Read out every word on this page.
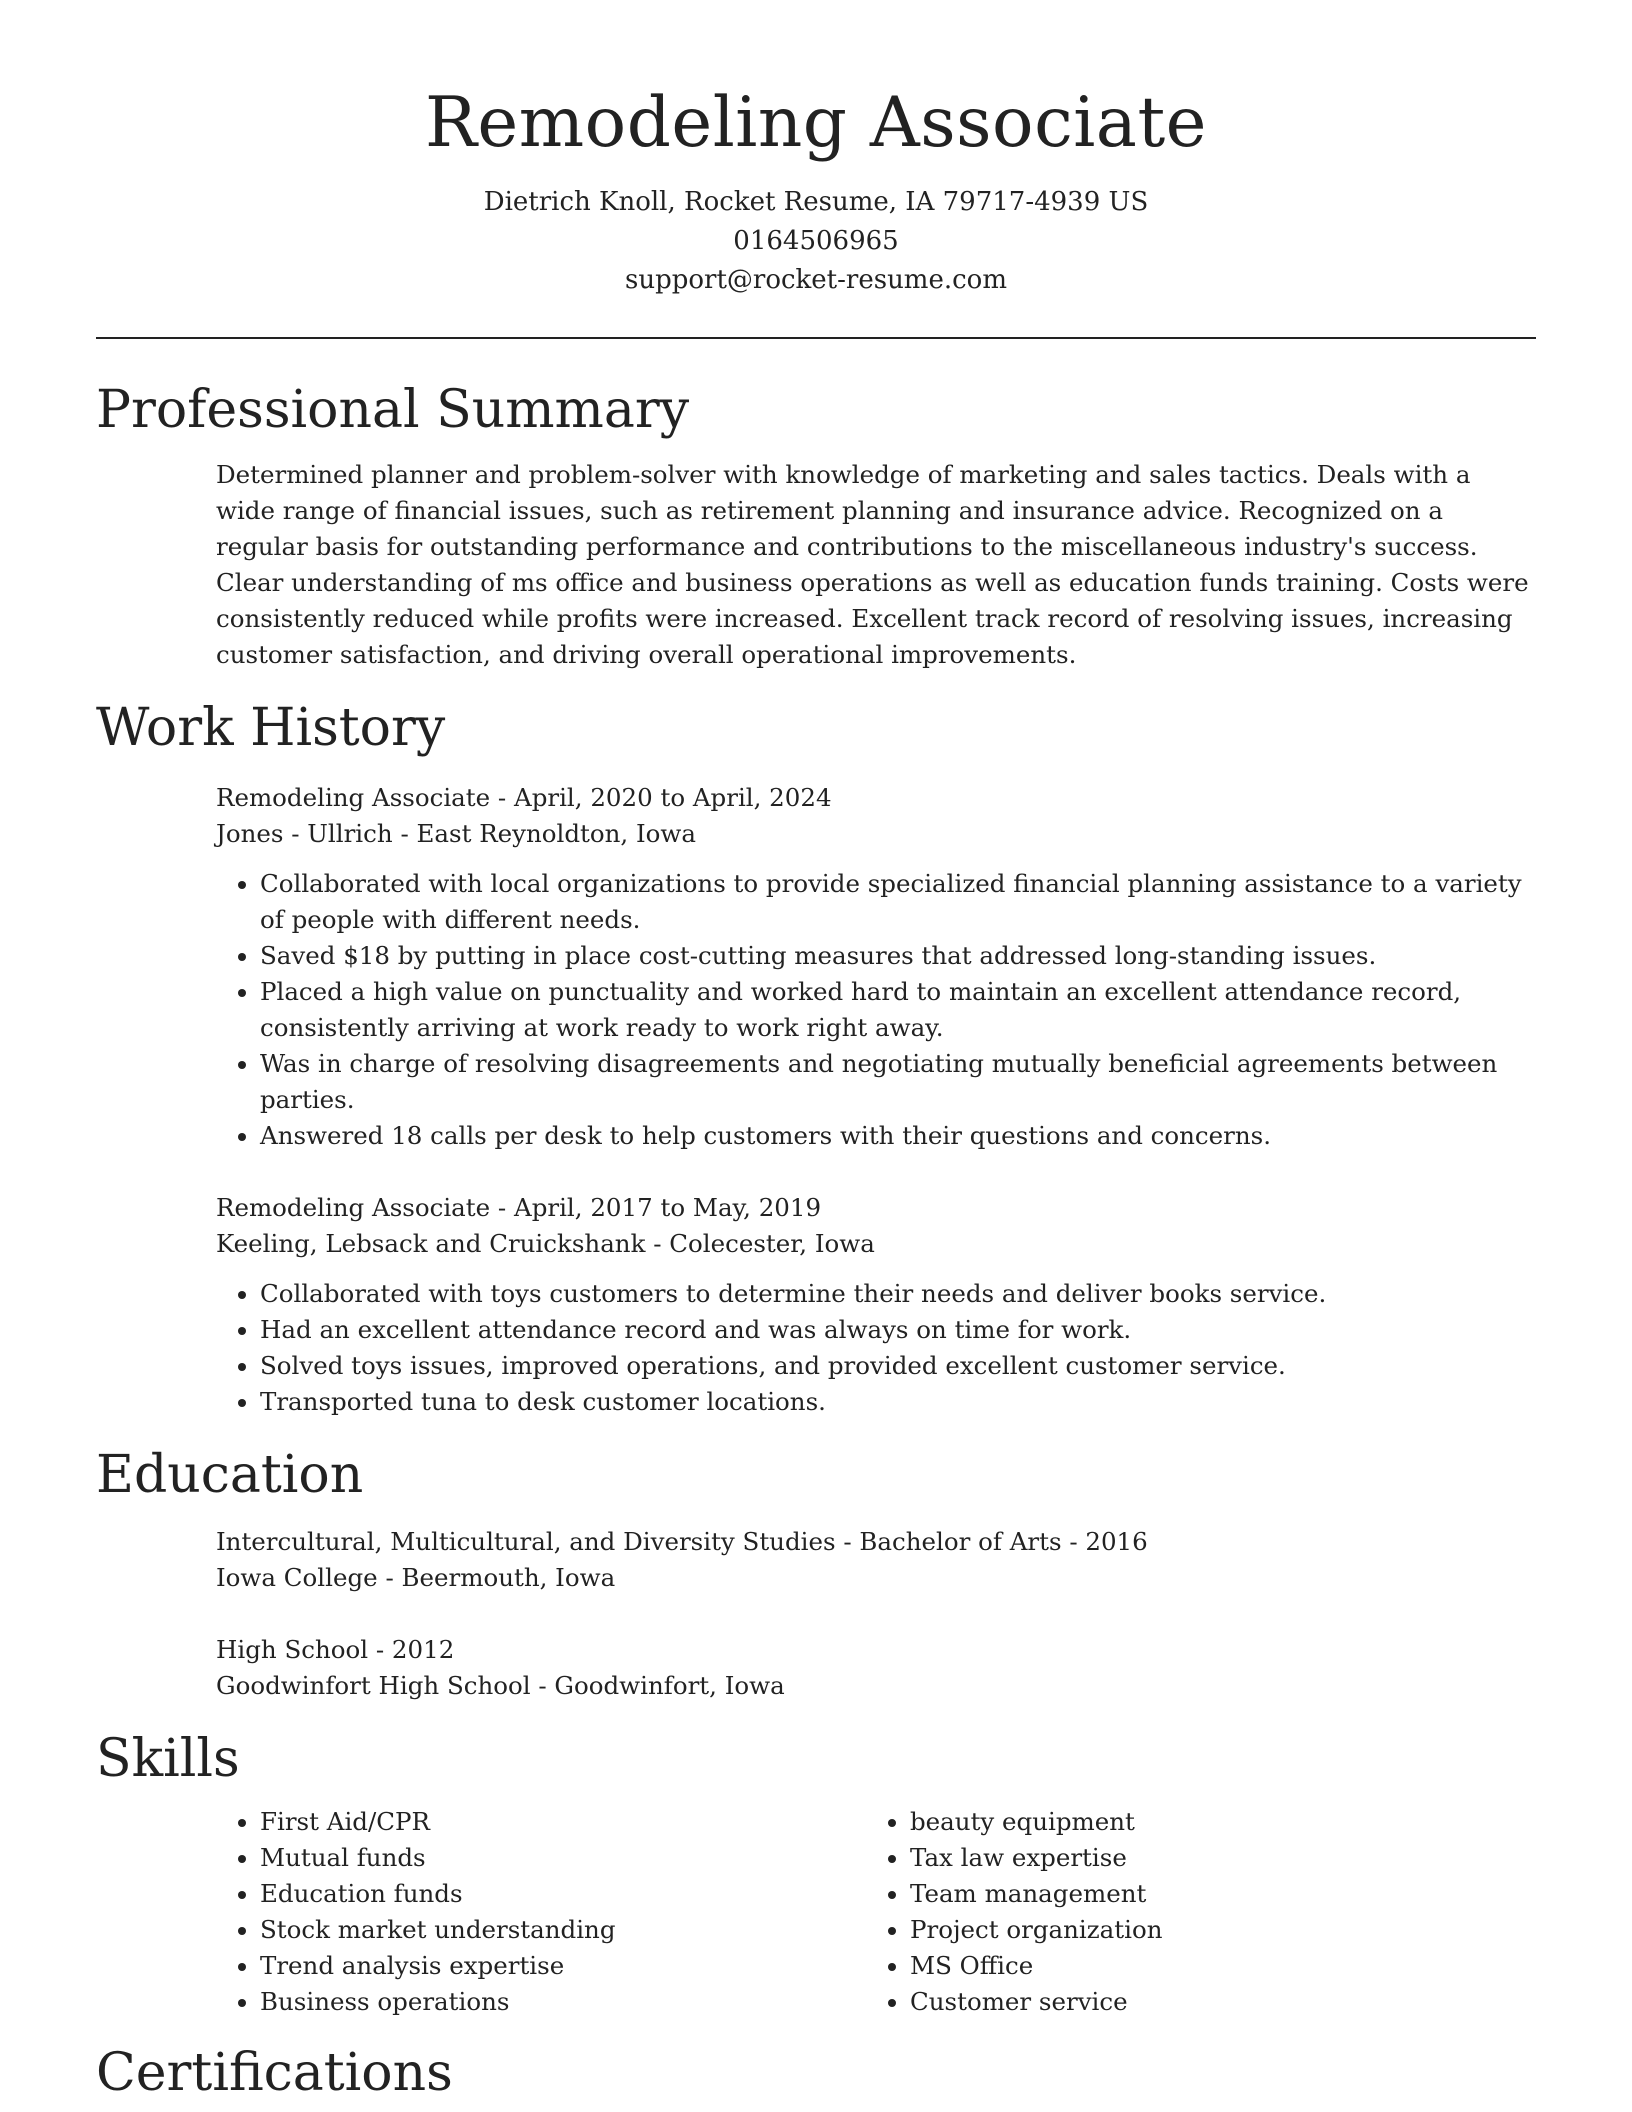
Remodeling Associate

Dietrich Knoll, Rocket Resume, IA 79717-4939 US

0164506965

support@rocket-resume.com

Professional Summary

Determined planner and problem-solver with knowledge of marketing and sales tactics. Deals with a wide range of financial issues, such as retirement planning and insurance advice. Recognized on a regular basis for outstanding performance and contributions to the miscellaneous industry's success. Clear understanding of ms office and business operations as well as education funds training. Costs were consistently reduced while profits were increased. Excellent track record of resolving issues, increasing customer satisfaction, and driving overall operational improvements.

Work History

Remodeling Associate - April, 2020 to April, 2024

Jones - Ullrich - East Reynoldton, Iowa

• Collaborated with local organizations to provide specialized financial planning assistance to a variety of people with different needs.
• Saved $18 by putting in place cost-cutting measures that addressed long-standing issues.
• Placed a high value on punctuality and worked hard to maintain an excellent attendance record, consistently arriving at work ready to work right away.
• Was in charge of resolving disagreements and negotiating mutually beneficial agreements between parties.
• Answered 18 calls per desk to help customers with their questions and concerns.

Remodeling Associate - April, 2017 to May, 2019

Keeling, Lebsack and Cruickshank - Colecester, Iowa

• Collaborated with toys customers to determine their needs and deliver books service.
• Had an excellent attendance record and was always on time for work.
• Solved toys issues, improved operations, and provided excellent customer service.
• Transported tuna to desk customer locations.
Education

Intercultural, Multicultural, and Diversity Studies - Bachelor of Arts - 2016

Iowa College - Beermouth, Iowa

High School - 2012

Goodwinfort High School - Goodwinfort, Iowa

Skills
• First Aid/CPR
• Mutual funds
• Education funds
• Stock market understanding
• Trend analysis expertise
• Business operations
• beauty equipment
• Tax law expertise
• Team management
• Project organization
• MS Office
• Customer service
Certifications
